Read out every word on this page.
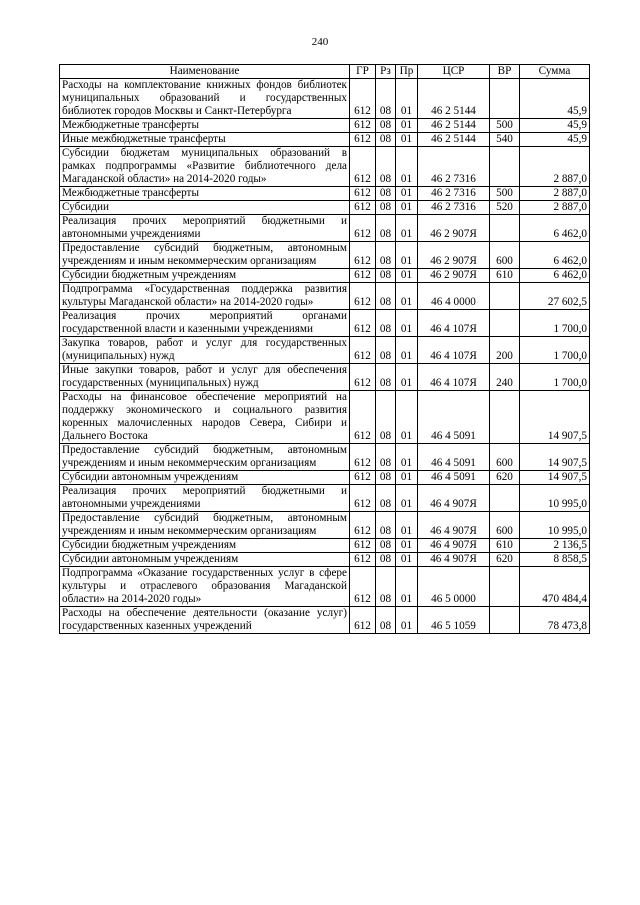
240
Наименование	ГР	Рз	Пр	ЦСР	ВР	Сумма
Расходы на комплектование книжных фондов библиотек муниципальных образований и государственных библиотек городов Москвы и Санкт-Петербурга	612	08	01	46 2 5144		45,9
Межбюджетные трансферты	612	08	01	46 2 5144	500	45,9
Иные межбюджетные трансферты	612	08	01	46 2 5144	540	45,9
Субсидии бюджетам муниципальных образований в рамках подпрограммы «Развитие библиотечного дела Магаданской области» на 2014-2020 годы»	612	08	01	46 2 7316		2 887,0
Межбюджетные трансферты	612	08	01	46 2 7316	500	2 887,0
Субсидии	612	08	01	46 2 7316	520	2 887,0
Реализация прочих мероприятий бюджетными и автономными учреждениями	612	08	01	46 2 907Я		6 462,0
Предоставление субсидий бюджетным, автономным учреждениям и иным некоммерческим организациям	612	08	01	46 2 907Я	600	6 462,0
Субсидии бюджетным учреждениям	612	08	01	46 2 907Я	610	6 462,0
Подпрограмма «Государственная поддержка развития культуры Магаданской области» на 2014-2020 годы»	612	08	01	46 4 0000		27 602,5
Реализация прочих мероприятий органами государственной власти и казенными учреждениями	612	08	01	46 4 107Я		1 700,0
Закупка товаров, работ и услуг для государственных (муниципальных) нужд	612	08	01	46 4 107Я	200	1 700,0
Иные закупки товаров, работ и услуг для обеспечения государственных (муниципальных) нужд	612	08	01	46 4 107Я	240	1 700,0
Расходы на финансовое обеспечение мероприятий на поддержку экономического и социального развития коренных малочисленных народов Севера, Сибири и Дальнего Востока	612	08	01	46 4 5091		14 907,5
Предоставление субсидий бюджетным, автономным учреждениям и иным некоммерческим организациям	612	08	01	46 4 5091	600	14 907,5
Субсидии автономным учреждениям	612	08	01	46 4 5091	620	14 907,5
Реализация прочих мероприятий бюджетными и автономными учреждениями	612	08	01	46 4 907Я		10 995,0
Предоставление субсидий бюджетным, автономным учреждениям и иным некоммерческим организациям	612	08	01	46 4 907Я	600	10 995,0
Субсидии бюджетным учреждениям	612	08	01	46 4 907Я	610	2 136,5
Субсидии автономным учреждениям	612	08	01	46 4 907Я	620	8 858,5
Подпрограмма «Оказание государственных услуг в сфере культуры и отраслевого образования Магаданской области» на 2014-2020 годы»	612	08	01	46 5 0000		470 484,4
Расходы на обеспечение деятельности (оказание услуг) государственных казенных учреждений	612	08	01	46 5 1059		78 473,8
